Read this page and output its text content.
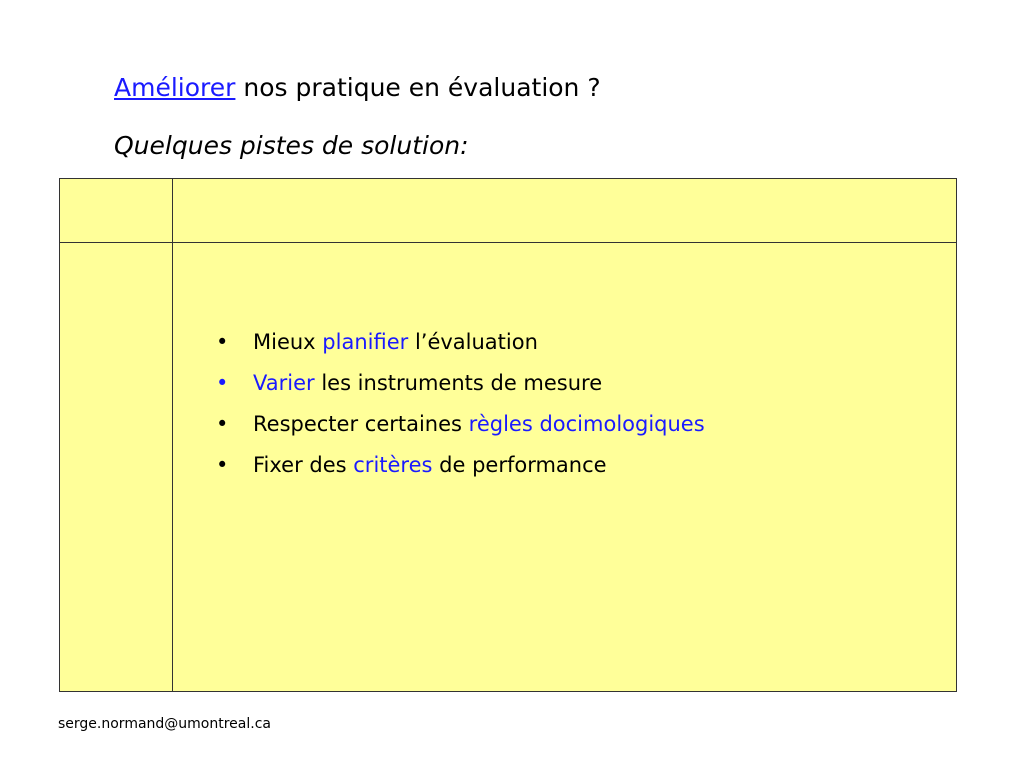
Améliorer nos pratique en évaluation ?
Quelques pistes de solution:
•	Mieux planifier l’évaluation
•	Varier les instruments de mesure
•	Respecter certaines règles docimologiques
•	Fixer des critères de performance
serge.normand@umontreal.ca
